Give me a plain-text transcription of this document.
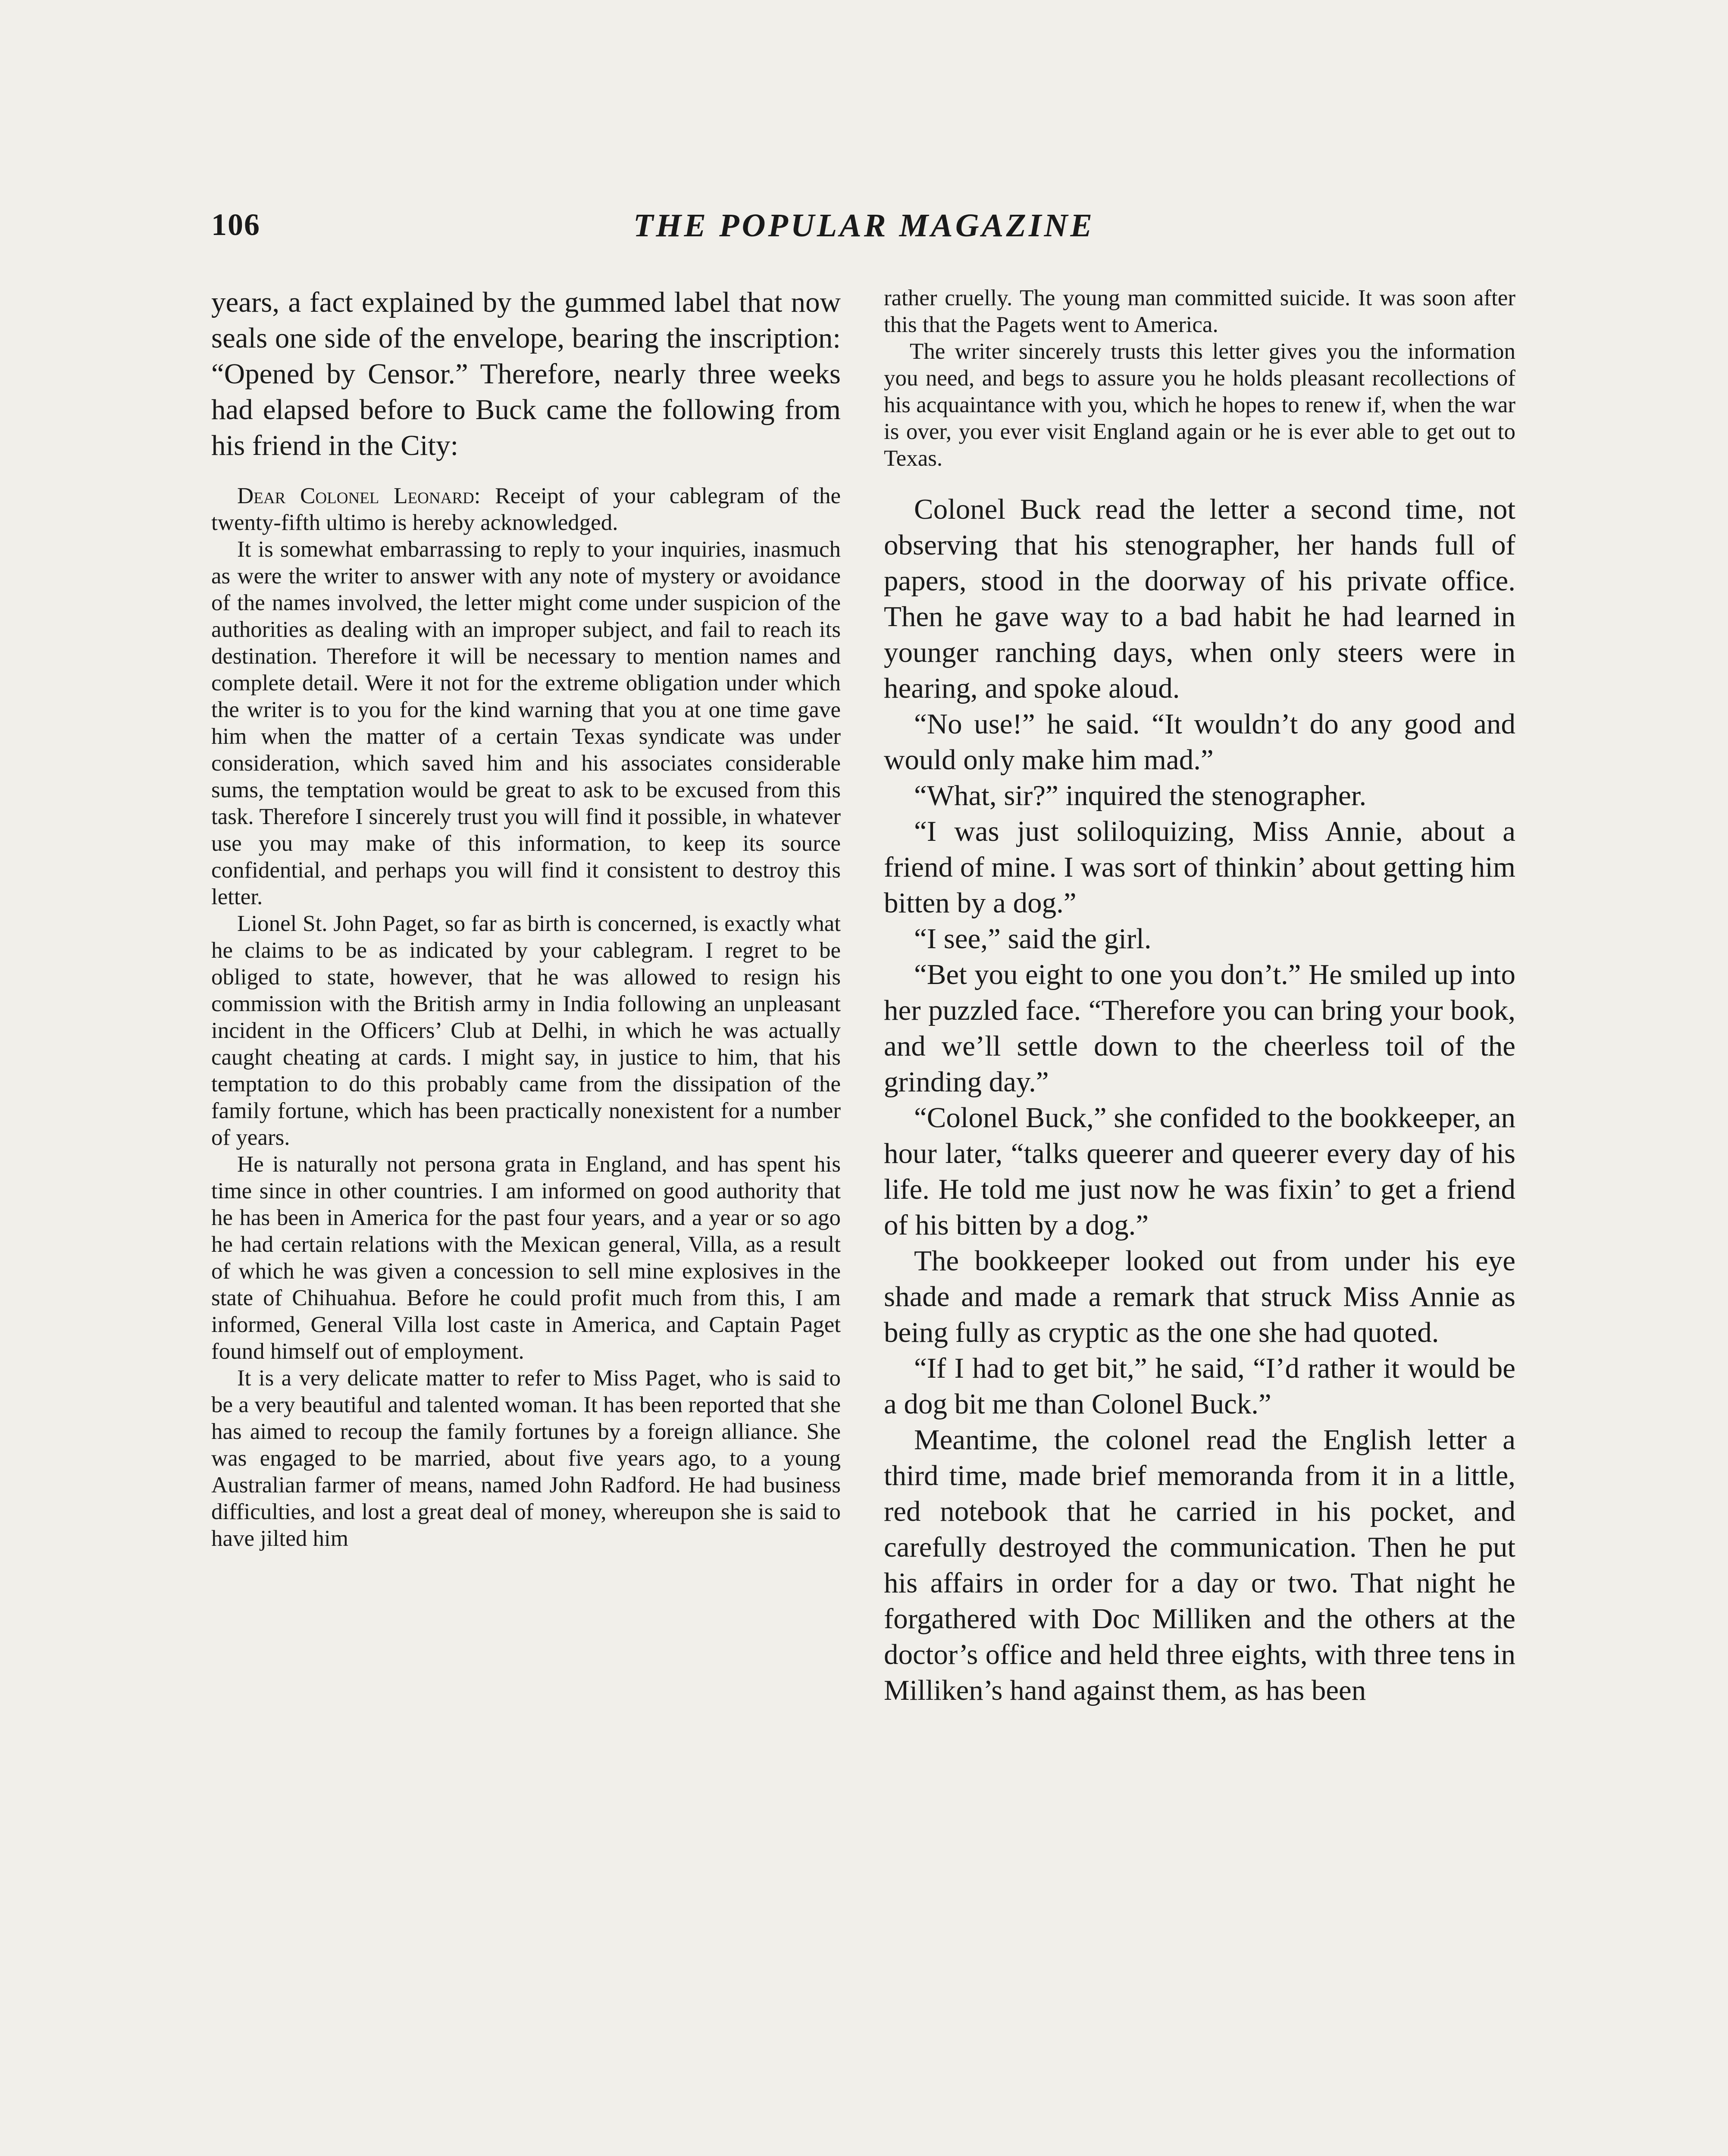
106	THE POPULAR MAGAZINE

years, a fact explained by the gummed label that now seals one side of the envelope, bearing the inscription: “Opened by Censor.” Therefore, nearly three weeks had elapsed before to Buck came the following from his friend in the City:

Dear Colonel Leonard: Receipt of your cablegram of the twenty-fifth ultimo is hereby acknowledged.

It is somewhat embarrassing to reply to your inquiries, inasmuch as were the writer to answer with any note of mystery or avoidance of the names involved, the letter might come under suspicion of the authorities as dealing with an improper subject, and fail to reach its destination. Therefore it will be necessary to mention names and complete detail. Were it not for the extreme obligation under which the writer is to you for the kind warning that you at one time gave him when the matter of a certain Texas syndicate was under consideration, which saved him and his associates considerable sums, the temptation would be great to ask to be excused from this task. Therefore I sincerely trust you will find it possible, in whatever use you may make of this information, to keep its source confidential, and perhaps you will find it consistent to destroy this letter.

Lionel St. John Paget, so far as birth is concerned, is exactly what he claims to be as indicated by your cablegram. I regret to be obliged to state, however, that he was allowed to resign his commission with the British army in India following an unpleasant incident in the Officers’ Club at Delhi, in which he was actually caught cheating at cards. I might say, in justice to him, that his temptation to do this probably came from the dissipation of the family fortune, which has been practically nonexistent for a number of years.

He is naturally not persona grata in England, and has spent his time since in other countries. I am informed on good authority that he has been in America for the past four years, and a year or so ago he had certain relations with the Mexican general, Villa, as a result of which he was given a concession to sell mine explosives in the state of Chihuahua. Before he could profit much from this, I am informed, General Villa lost caste in America, and Captain Paget found himself out of employment.

It is a very delicate matter to refer to Miss Paget, who is said to be a very beautiful and talented woman. It has been reported that she has aimed to recoup the family fortunes by a foreign alliance. She was engaged to be married, about five years ago, to a young Australian farmer of means, named John Radford. He had business difficulties, and lost a great deal of money, whereupon she is said to have jilted him

rather cruelly. The young man committed suicide. It was soon after this that the Pagets went to America.

The writer sincerely trusts this letter gives you the information you need, and begs to assure you he holds pleasant recollections of his acquaintance with you, which he hopes to renew if, when the war is over, you ever visit England again or he is ever able to get out to Texas.

Colonel Buck read the letter a second time, not observing that his stenographer, her hands full of papers, stood in the doorway of his private office. Then he gave way to a bad habit he had learned in younger ranching days, when only steers were in hearing, and spoke aloud.

“No use!” he said. “It wouldn’t do any good and would only make him mad.”

“What, sir?” inquired the stenographer.

“I was just soliloquizing, Miss Annie, about a friend of mine. I was sort of thinkin’ about getting him bitten by a dog.”

“I see,” said the girl.

“Bet you eight to one you don’t.” He smiled up into her puzzled face. “Therefore you can bring your book, and we’ll settle down to the cheerless toil of the grinding day.”

“Colonel Buck,” she confided to the bookkeeper, an hour later, “talks queerer and queerer every day of his life. He told me just now he was fixin’ to get a friend of his bitten by a dog.”

The bookkeeper looked out from under his eye shade and made a remark that struck Miss Annie as being fully as cryptic as the one she had quoted.

“If I had to get bit,” he said, “I’d rather it would be a dog bit me than Colonel Buck.”

Meantime, the colonel read the English letter a third time, made brief memoranda from it in a little, red notebook that he carried in his pocket, and carefully destroyed the communication. Then he put his affairs in order for a day or two. That night he forgathered with Doc Milliken and the others at the doctor’s office and held three eights, with three tens in Milliken’s hand against them, as has been
